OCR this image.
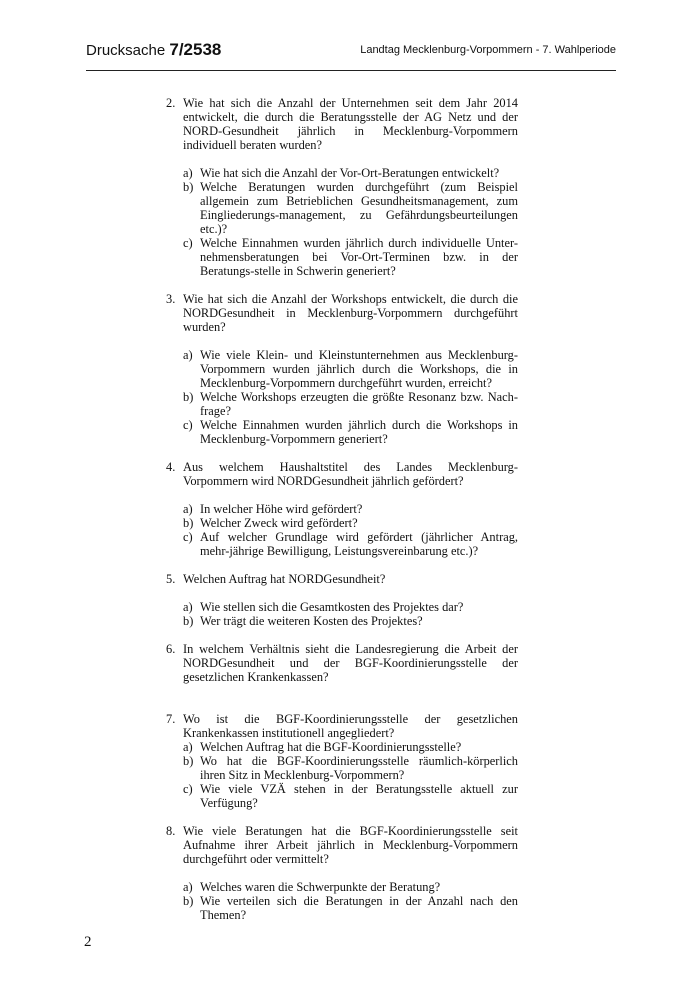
Drucksache 7/2538	Landtag Mecklenburg-Vorpommern - 7. Wahlperiode
2. Wie hat sich die Anzahl der Unternehmen seit dem Jahr 2014 entwickelt, die durch die Beratungsstelle der AG Netz und der NORD-Gesundheit jährlich in Mecklenburg-Vorpommern individuell beraten wurden?
a) Wie hat sich die Anzahl der Vor-Ort-Beratungen entwickelt?
b) Welche Beratungen wurden durchgeführt (zum Beispiel allgemein zum Betrieblichen Gesundheitsmanagement, zum Eingliederungs-management, zu Gefährdungsbeurteilungen etc.)?
c) Welche Einnahmen wurden jährlich durch individuelle Unter-nehmensberatungen bei Vor-Ort-Terminen bzw. in der Beratungs-stelle in Schwerin generiert?
3. Wie hat sich die Anzahl der Workshops entwickelt, die durch die NORDGesundheit in Mecklenburg-Vorpommern durchgeführt wurden?
a) Wie viele Klein- und Kleinstunternehmen aus Mecklenburg-Vorpommern wurden jährlich durch die Workshops, die in Mecklenburg-Vorpommern durchgeführt wurden, erreicht?
b) Welche Workshops erzeugten die größte Resonanz bzw. Nach-frage?
c) Welche Einnahmen wurden jährlich durch die Workshops in Mecklenburg-Vorpommern generiert?
4. Aus welchem Haushaltstitel des Landes Mecklenburg-Vorpommern wird NORDGesundheit jährlich gefördert?
a) In welcher Höhe wird gefördert?
b) Welcher Zweck wird gefördert?
c) Auf welcher Grundlage wird gefördert (jährlicher Antrag, mehr-jährige Bewilligung, Leistungsvereinbarung etc.)?
5. Welchen Auftrag hat NORDGesundheit?
a) Wie stellen sich die Gesamtkosten des Projektes dar?
b) Wer trägt die weiteren Kosten des Projektes?
6. In welchem Verhältnis sieht die Landesregierung die Arbeit der NORDGesundheit und der BGF-Koordinierungsstelle der gesetzlichen Krankenkassen?
7. Wo ist die BGF-Koordinierungsstelle der gesetzlichen Krankenkassen institutionell angegliedert?
a) Welchen Auftrag hat die BGF-Koordinierungsstelle?
b) Wo hat die BGF-Koordinierungsstelle räumlich-körperlich ihren Sitz in Mecklenburg-Vorpommern?
c) Wie viele VZÄ stehen in der Beratungsstelle aktuell zur Verfügung?
8. Wie viele Beratungen hat die BGF-Koordinierungsstelle seit Aufnahme ihrer Arbeit jährlich in Mecklenburg-Vorpommern durchgeführt oder vermittelt?
a) Welches waren die Schwerpunkte der Beratung?
b) Wie verteilen sich die Beratungen in der Anzahl nach den Themen?
2
